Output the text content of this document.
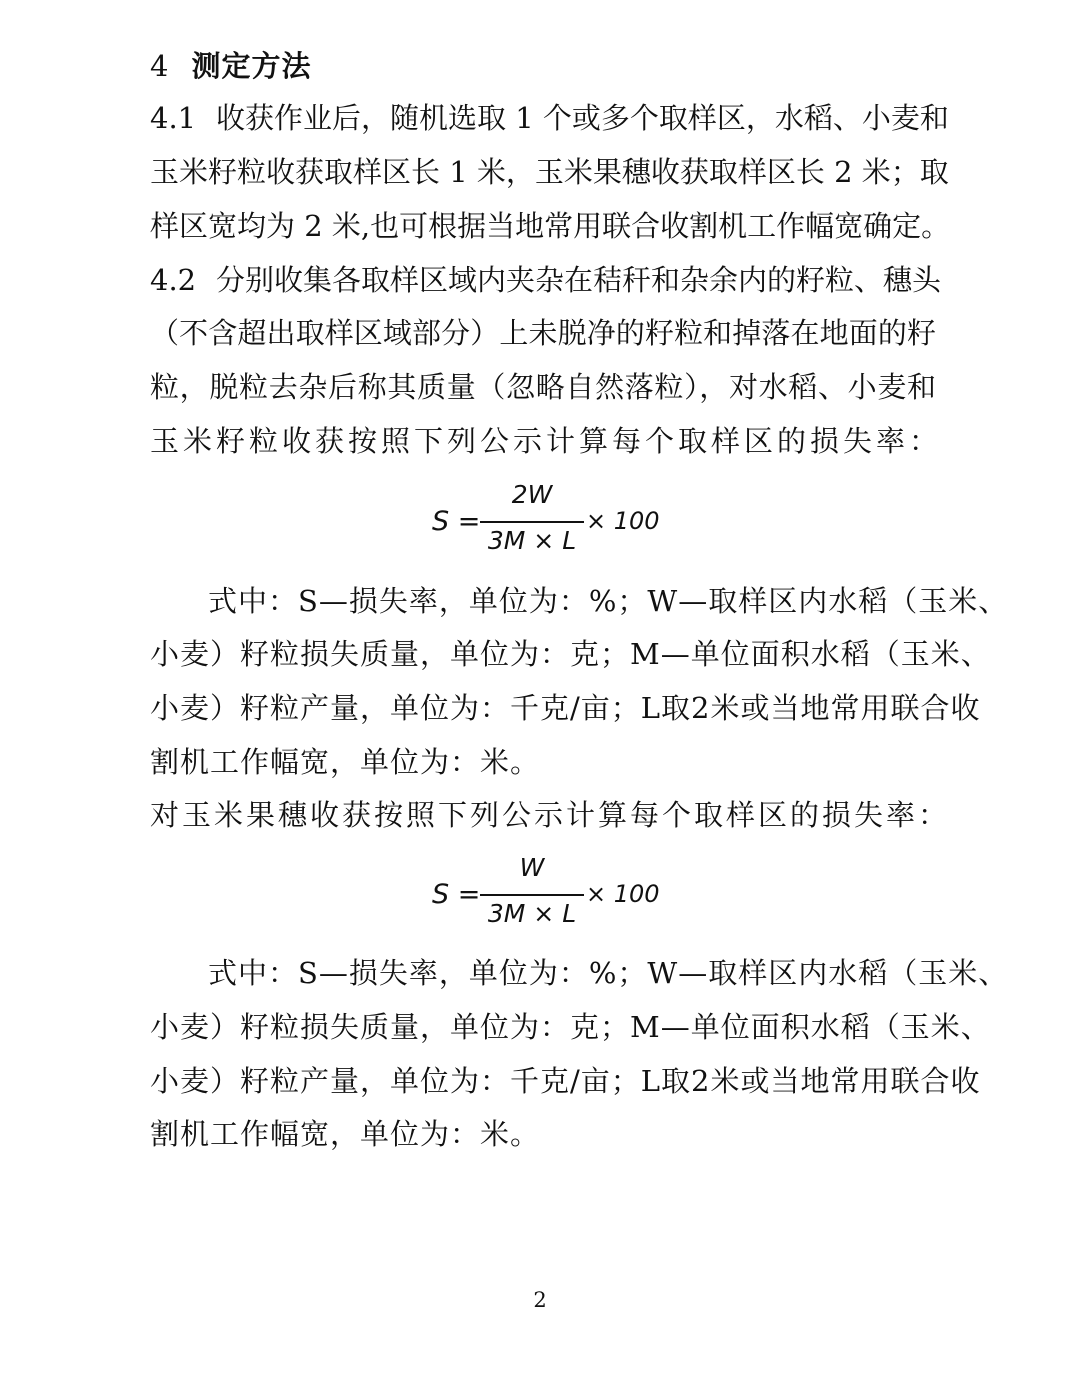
4 测定方法
4.1 收获作业后，随机选取 1 个或多个取样区，水稻、小麦和
玉米籽粒收获取样区长 1 米，玉米果穗收获取样区长 2 米；取
样区宽均为 2 米,也可根据当地常用联合收割机工作幅宽确定。
4.2 分别收集各取样区域内夹杂在秸秆和杂余内的籽粒、穗头
（不含超出取样区域部分）上未脱净的籽粒和掉落在地面的籽
粒，脱粒去杂后称其质量（忽略自然落粒），对水稻、小麦和
玉米籽粒收获按照下列公示计算每个取样区的损失率：
S =
2W
3M × L
× 100
式中：S—损失率，单位为：%；W—取样区内水稻（玉米、
小麦）籽粒损失质量，单位为：克；M—单位面积水稻（玉米、
小麦）籽粒产量，单位为：千克/亩；L取2米或当地常用联合收
割机工作幅宽，单位为：米。
对玉米果穗收获按照下列公示计算每个取样区的损失率：
S =
W
3M × L
× 100
式中：S—损失率，单位为：%；W—取样区内水稻（玉米、
小麦）籽粒损失质量，单位为：克；M—单位面积水稻（玉米、
小麦）籽粒产量，单位为：千克/亩；L取2米或当地常用联合收
割机工作幅宽，单位为：米。
2
